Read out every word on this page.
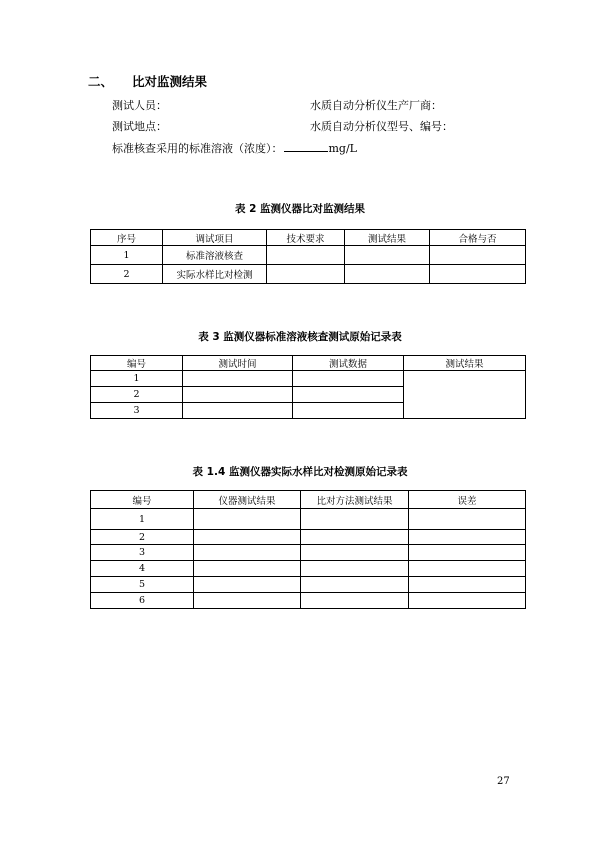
二、 比对监测结果
测试人员：	水质自动分析仪生产厂商：
测试地点：	水质自动分析仪型号、编号：
标准核查采用的标准溶液（浓度）：	mg/L
表 2 监测仪器比对监测结果
序号	调试项目	技术要求	测试结果	合格与否
1	标准溶液核查			
2	实际水样比对检测			
表 3 监测仪器标准溶液核查测试原始记录表
编号	测试时间	测试数据	测试结果
1			
2			
3			
表 1.4 监测仪器实际水样比对检测原始记录表
编号	仪器测试结果	比对方法测试结果	误差
1			
2			
3			
4			
5			
6			
27
